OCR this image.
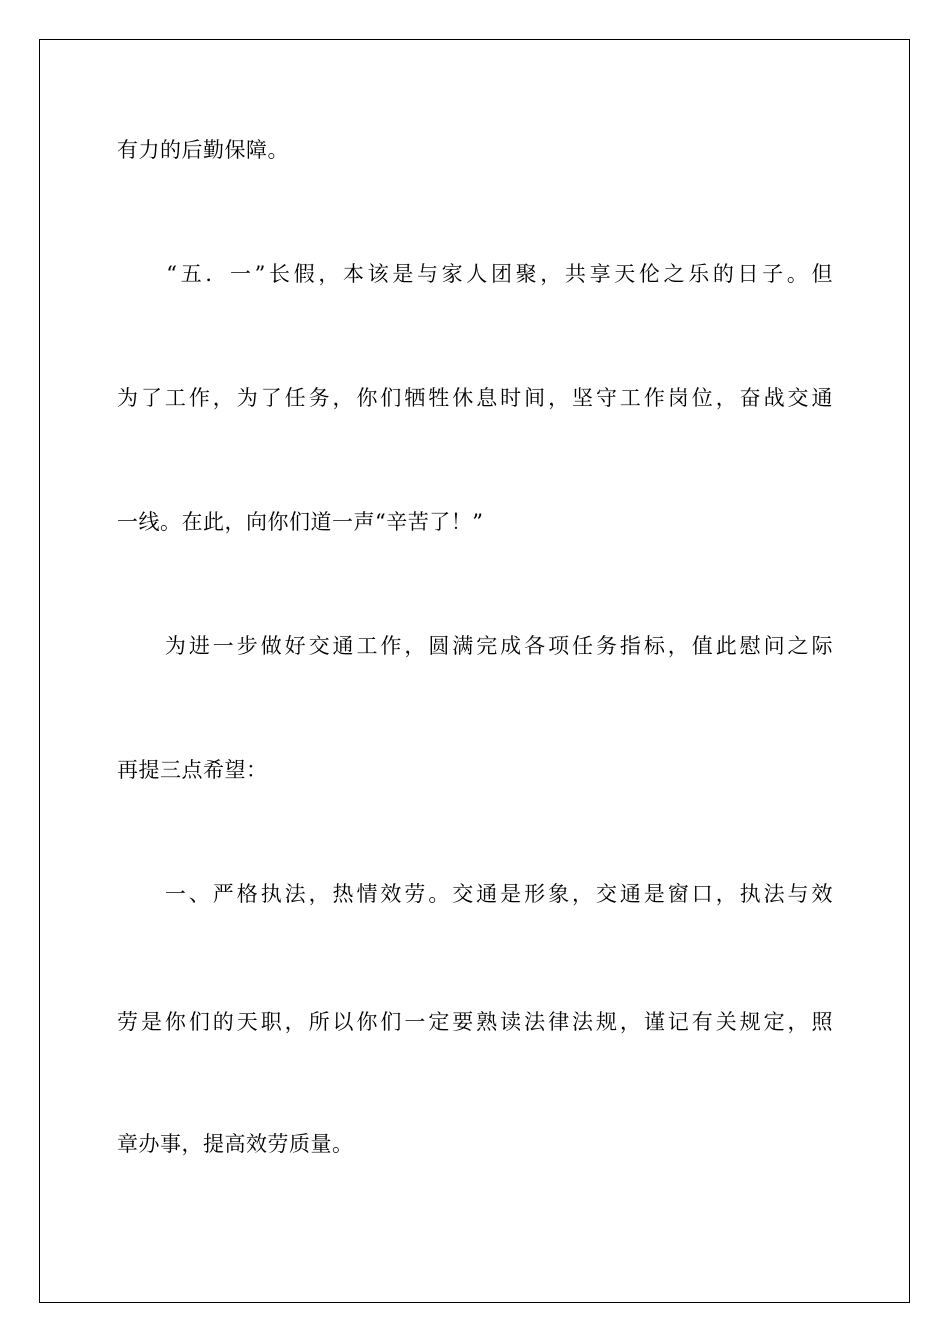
有力的后勤保障。
　　“五．一”长假，本该是与家人团聚，共享天伦之乐的日子。但
为了工作，为了任务，你们牺牲休息时间，坚守工作岗位，奋战交通
一线。在此，向你们道一声“辛苦了！”
　　为进一步做好交通工作，圆满完成各项任务指标，值此慰问之际
再提三点希望：
　　一、严格执法，热情效劳。交通是形象，交通是窗口，执法与效
劳是你们的天职，所以你们一定要熟读法律法规，谨记有关规定，照
章办事，提高效劳质量。
